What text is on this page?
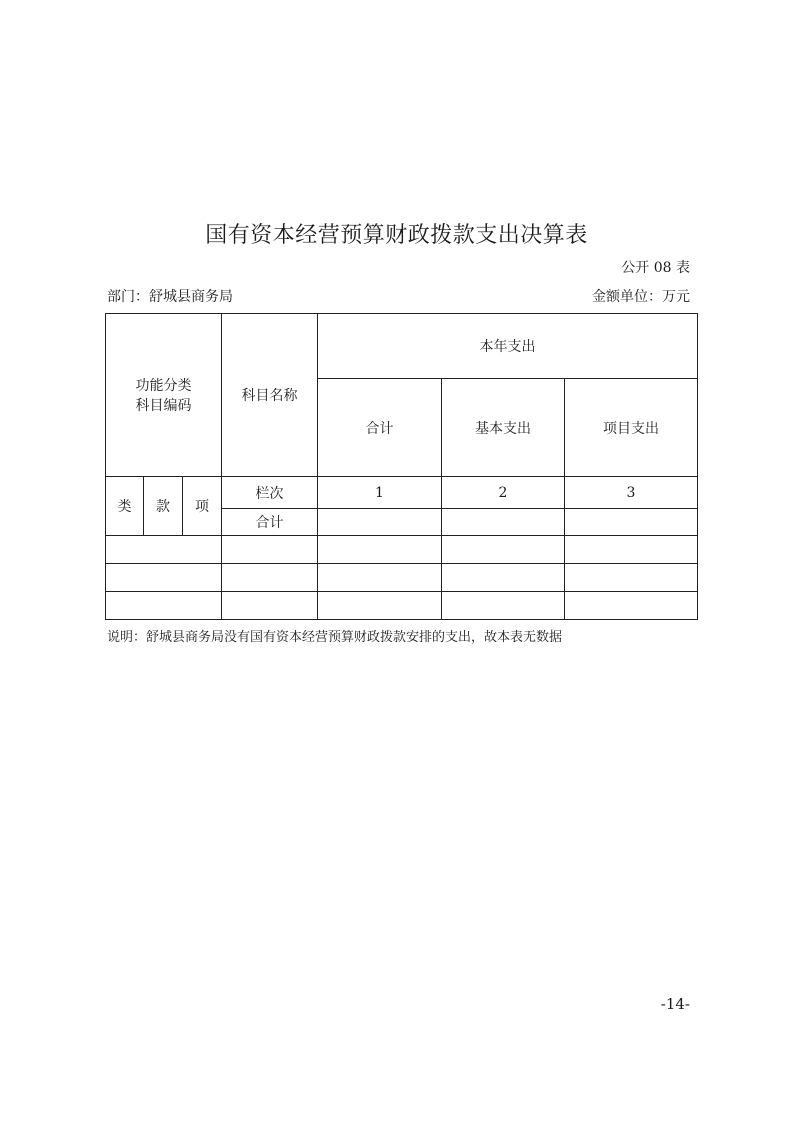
国有资本经营预算财政拨款支出决算表
公开 08 表
部门：舒城县商务局	金额单位：万元
功能分类
科目编码			科目名称	本年支出		
				合计	基本支出	项目支出
类	款	项	栏次	1	2	3
			合计			

说明：舒城县商务局没有国有资本经营预算财政拨款安排的支出，故本表无数据
-14-
